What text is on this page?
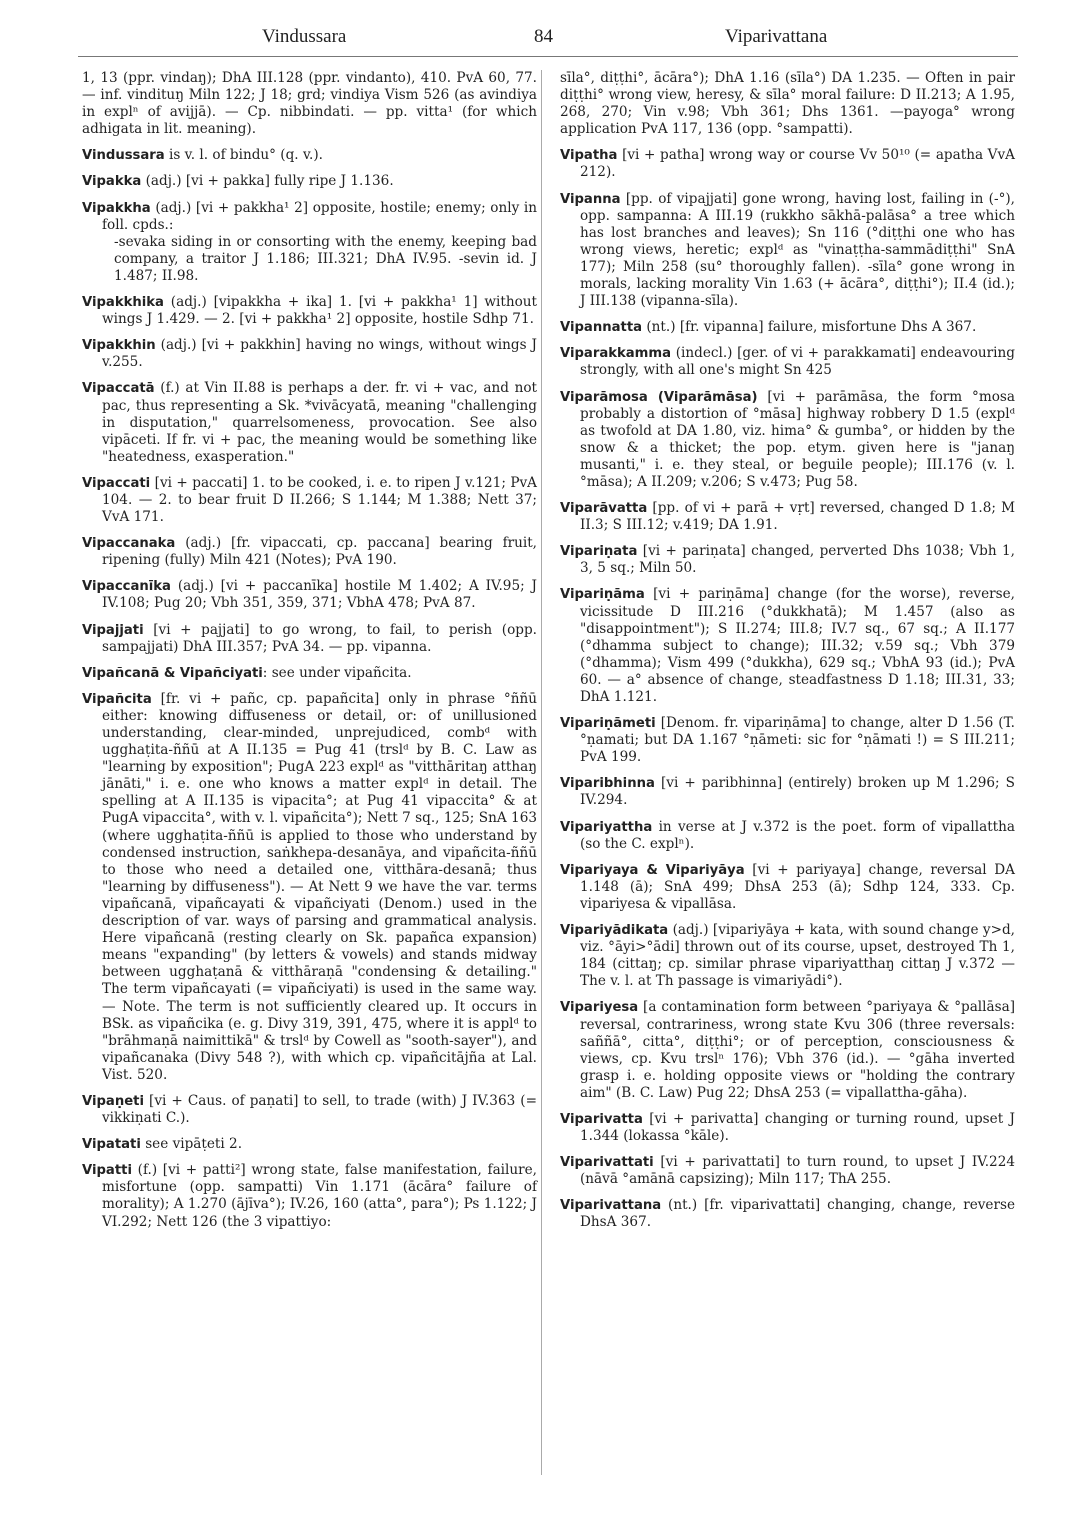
Vindussara	84	Viparivattana

1, 13 (ppr. vindaŋ); DhA III.128 (ppr. vindanto), 410. PvA 60, 77. — inf. vindituŋ Miln 122; J 18; grd; vindiya Vism 526 (as avindiya in explⁿ of avijjā). — Cp. nibbindati. — pp. vitta¹ (for which adhigata in lit. meaning).

Vindussara is v. l. of bindu° (q. v.).

Vipakka (adj.) [vi + pakka] fully ripe J 1.136.

Vipakkha (adj.) [vi + pakkha¹ 2] opposite, hostile; enemy; only in foll. cpds.:
-sevaka siding in or consorting with the enemy, keeping bad company, a traitor J 1.186; III.321; DhA IV.95. -sevin id. J 1.487; II.98.

Vipakkhika (adj.) [vipakkha + ika] 1. [vi + pakkha¹ 1] without wings J 1.429. — 2. [vi + pakkha¹ 2] opposite, hostile Sdhp 71.

Vipakkhin (adj.) [vi + pakkhin] having no wings, without wings J v.255.

Vipaccatā (f.) at Vin II.88 is perhaps a der. fr. vi + vac, and not pac, thus representing a Sk. *vivācyatā, meaning "challenging in disputation," quarrelsomeness, provocation. See also vipāceti. If fr. vi + pac, the meaning would be something like "heatedness, exasperation."

Vipaccati [vi + paccati] 1. to be cooked, i. e. to ripen J v.121; PvA 104. — 2. to bear fruit D II.266; S 1.144; M 1.388; Nett 37; VvA 171.

Vipaccanaka (adj.) [fr. vipaccati, cp. paccana] bearing fruit, ripening (fully) Miln 421 (Notes); PvA 190.

Vipaccanīka (adj.) [vi + paccanīka] hostile M 1.402; A IV.95; J IV.108; Pug 20; Vbh 351, 359, 371; VbhA 478; PvA 87.

Vipajjati [vi + pajjati] to go wrong, to fail, to perish (opp. sampajjati) DhA III.357; PvA 34. — pp. vipanna.

Vipañcanā & Vipañciyati: see under vipañcita.

Vipañcita [fr. vi + pañc, cp. papañcita] only in phrase °ññū either: knowing diffuseness or detail, or: of unillusioned understanding, clear-minded, unprejudiced, combᵈ with ugghaṭita-ññū at A II.135 = Pug 41 (trslᵈ by B. C. Law as "learning by exposition"; PugA 223 explᵈ as "vitthāritaŋ atthaŋ jānāti," i. e. one who knows a matter explᵈ in detail. The spelling at A II.135 is vipacita°; at Pug 41 vipaccita° & at PugA vipaccita°, with v. l. vipañcita°); Nett 7 sq., 125; SnA 163 (where ugghaṭita-ññū is applied to those who understand by condensed instruction, saṅkhepa-desanāya, and vipañcita-ññū to those who need a detailed one, vitthāra-desanā; thus "learning by diffuseness"). — At Nett 9 we have the var. terms vipañcanā, vipañcayati & vipañciyati (Denom.) used in the description of var. ways of parsing and grammatical analysis. Here vipañcanā (resting clearly on Sk. papañca expansion) means "expanding" (by letters & vowels) and stands midway between ugghaṭanā & vitthāraṇā "condensing & detailing." The term vipañcayati (= vipañciyati) is used in the same way. — Note. The term is not sufficiently cleared up. It occurs in BSk. as vipañcika (e. g. Divy 319, 391, 475, where it is applᵈ to "brāhmaṇā naimittikā" & trslᵈ by Cowell as "sooth-sayer"), and vipañcanaka (Divy 548 ?), with which cp. vipañcitājña at Lal. Vist. 520.

Vipaṇeti [vi + Caus. of paṇati] to sell, to trade (with) J IV.363 (= vikkiṇati C.).

Vipatati see vipāṭeti 2.

Vipatti (f.) [vi + patti²] wrong state, false manifestation, failure, misfortune (opp. sampatti) Vin 1.171 (ācāra° failure of morality); A 1.270 (ājīva°); IV.26, 160 (atta°, para°); Ps 1.122; J VI.292; Nett 126 (the 3 vipattiyo:

sīla°, diṭṭhi°, ācāra°); DhA 1.16 (sīla°) DA 1.235. — Often in pair diṭṭhi° wrong view, heresy, & sīla° moral failure: D II.213; A 1.95, 268, 270; Vin v.98; Vbh 361; Dhs 1361. —payoga° wrong application PvA 117, 136 (opp. °sampatti).

Vipatha [vi + patha] wrong way or course Vv 50¹⁰ (= apatha VvA 212).

Vipanna [pp. of vipajjati] gone wrong, having lost, failing in (-°), opp. sampanna: A III.19 (rukkho sākhā-palāsa° a tree which has lost branches and leaves); Sn 116 (°diṭṭhi one who has wrong views, heretic; explᵈ as "vinaṭṭha-sammādiṭṭhi" SnA 177); Miln 258 (su° thoroughly fallen). -sīla° gone wrong in morals, lacking morality Vin 1.63 (+ ācāra°, diṭṭhi°); II.4 (id.); J III.138 (vipanna-sīla).

Vipannatta (nt.) [fr. vipanna] failure, misfortune Dhs A 367.

Viparakkamma (indecl.) [ger. of vi + parakkamati] endeavouring strongly, with all one's might Sn 425

Viparāmosa (Viparāmāsa) [vi + parāmāsa, the form °mosa probably a distortion of °māsa] highway robbery D 1.5 (explᵈ as twofold at DA 1.80, viz. hima° & gumba°, or hidden by the snow & a thicket; the pop. etym. given here is "janaŋ musanti," i. e. they steal, or beguile people); III.176 (v. l. °māsa); A II.209; v.206; S v.473; Pug 58.

Viparāvatta [pp. of vi + parā + vṛt] reversed, changed D 1.8; M II.3; S III.12; v.419; DA 1.91.

Vipariṇata [vi + pariṇata] changed, perverted Dhs 1038; Vbh 1, 3, 5 sq.; Miln 50.

Vipariṇāma [vi + pariṇāma] change (for the worse), reverse, vicissitude D III.216 (°dukkhatā); M 1.457 (also as "disappointment"); S II.274; III.8; IV.7 sq., 67 sq.; A II.177 (°dhamma subject to change); III.32; v.59 sq.; Vbh 379 (°dhamma); Vism 499 (°dukkha), 629 sq.; VbhA 93 (id.); PvA 60. — a° absence of change, steadfastness D 1.18; III.31, 33; DhA 1.121.

Vipariṇāmeti [Denom. fr. vipariṇāma] to change, alter D 1.56 (T. °ṇamati; but DA 1.167 °ṇāmeti: sic for °ṇāmati !) = S III.211; PvA 199.

Viparibhinna [vi + paribhinna] (entirely) broken up M 1.296; S IV.294.

Vipariyattha in verse at J v.372 is the poet. form of vipallattha (so the C. explⁿ).

Vipariyaya & Vipariyāya [vi + pariyaya] change, reversal DA 1.148 (ā); SnA 499; DhsA 253 (ā); Sdhp 124, 333. Cp. vipariyesa & vipallāsa.

Vipariyādikata (adj.) [vipariyāya + kata, with sound change y>d, viz. °āyi>°ādi] thrown out of its course, upset, destroyed Th 1, 184 (cittaŋ; cp. similar phrase vipariyatthaŋ cittaŋ J v.372 — The v. l. at Th passage is vimariyādi°).

Vipariyesa [a contamination form between °pariyaya & °pallāsa] reversal, contrariness, wrong state Kvu 306 (three reversals: saññā°, citta°, diṭṭhi°; or of perception, consciousness & views, cp. Kvu trslⁿ 176); Vbh 376 (id.). — °gāha inverted grasp i. e. holding opposite views or "holding the contrary aim" (B. C. Law) Pug 22; DhsA 253 (= vipallattha-gāha).

Viparivatta [vi + parivatta] changing or turning round, upset J 1.344 (lokassa °kāle).

Viparivattati [vi + parivattati] to turn round, to upset J IV.224 (nāvā °amānā capsizing); Miln 117; ThA 255.

Viparivattana (nt.) [fr. viparivattati] changing, change, reverse DhsA 367.
